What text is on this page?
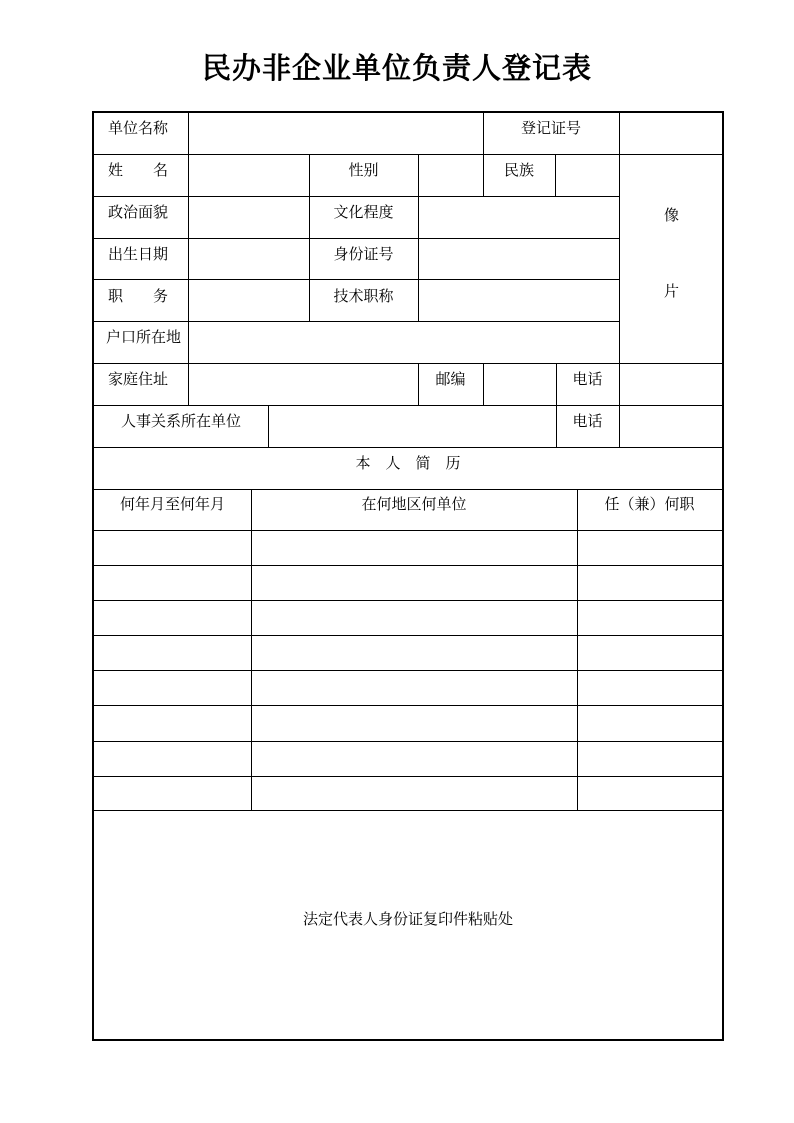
民办非企业单位负责人登记表
单位名称	登记证号
姓　　名	性别	民族
政治面貌	文化程度
出生日期	身份证号
职　　务	技术职称
户口所在地
家庭住址	邮编	电话
人事关系所在单位	电话
像
片
本　人　简　历
何年月至何年月	在何地区何单位	任（兼）何职
法定代表人身份证复印件粘贴处
